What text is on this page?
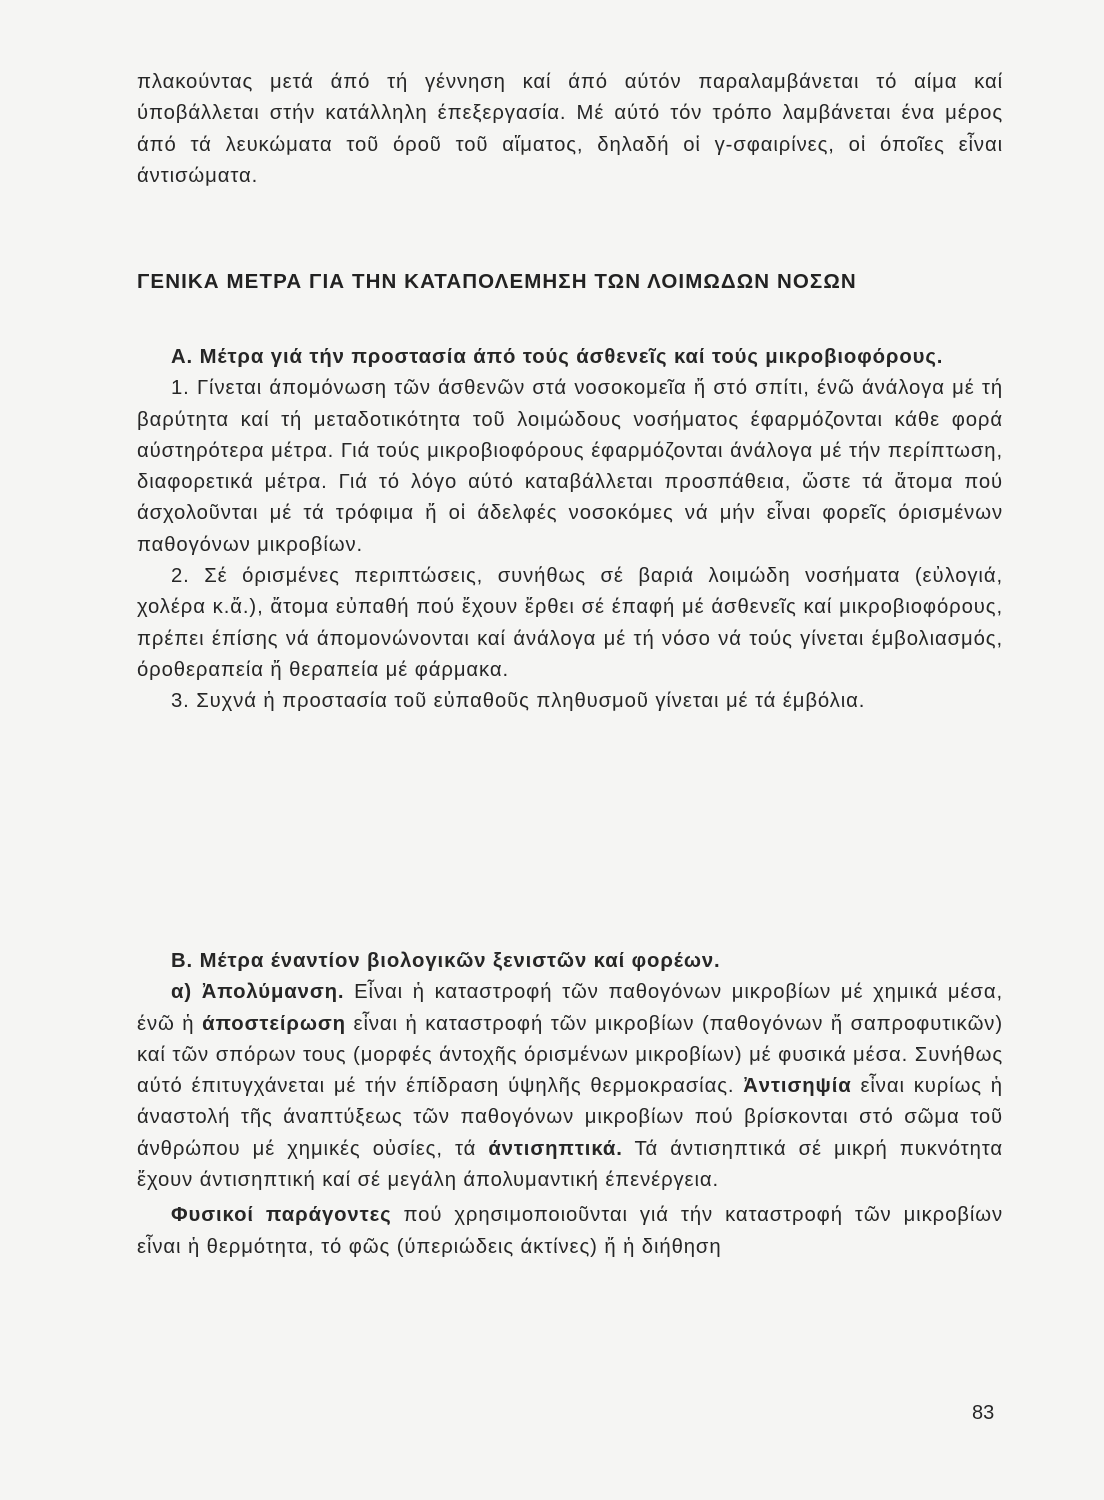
πλακούντας μετά άπό τή γέννηση καί άπό αύτόν παραλαμβάνεται τό αίμα καί ύποβάλλεται στήν κατάλληλη έπεξεργασία. Μέ αύτό τόν τρόπο λαμβάνεται ένα μέρος άπό τά λευκώματα τοῦ όροῦ τοῦ αἵματος, δηλαδή οἱ γ-σφαιρίνες, οἱ όποῖες εἶναι άντισώματα.

ΓΕΝΙΚΑ ΜΕΤΡΑ ΓΙΑ ΤΗΝ ΚΑΤΑΠΟΛΕΜΗΣΗ ΤΩΝ ΛΟΙΜΩΔΩΝ ΝΟΣΩΝ

Α. Μέτρα γιά τήν προστασία άπό τούς άσθενεῖς καί τούς μικροβιοφόρους.

1. Γίνεται άπομόνωση τῶν άσθενῶν στά νοσοκομεῖα ἤ στό σπίτι, ένῶ άνάλογα μέ τή βαρύτητα καί τή μεταδοτικότητα τοῦ λοιμώδους νοσήματος έφαρμόζονται κάθε φορά αύστηρότερα μέτρα. Γιά τούς μικροβιοφόρους έφαρμόζονται άνάλογα μέ τήν περίπτωση, διαφορετικά μέτρα. Γιά τό λόγο αύτό καταβάλλεται προσπάθεια, ὥστε τά ἄτομα πού άσχολοῦνται μέ τά τρόφιμα ἤ οἱ άδελφές νοσοκόμες νά μήν εἶναι φορεῖς όρισμένων παθογόνων μικροβίων.

2. Σέ όρισμένες περιπτώσεις, συνήθως σέ βαριά λοιμώδη νοσήματα (εὐλογιά, χολέρα κ.ἄ.), ἄτομα εὐπαθή πού ἔχουν ἔρθει σέ έπαφή μέ άσθενεῖς καί μικροβιοφόρους, πρέπει έπίσης νά άπομονώνονται καί άνάλογα μέ τή νόσο νά τούς γίνεται έμβολιασμός, όροθεραπεία ἤ θεραπεία μέ φάρμακα.

3. Συχνά ἡ προστασία τοῦ εὐπαθοῦς πληθυσμοῦ γίνεται μέ τά έμβόλια.

Β. Μέτρα έναντίον βιολογικῶν ξενιστῶν καί φορέων.

α) Ἀπολύμανση. Εἶναι ἡ καταστροφή τῶν παθογόνων μικροβίων μέ χημικά μέσα, ένῶ ἡ άποστείρωση εἶναι ἡ καταστροφή τῶν μικροβίων (παθογόνων ἤ σαπροφυτικῶν) καί τῶν σπόρων τους (μορφές άντοχῆς όρισμένων μικροβίων) μέ φυσικά μέσα. Συνήθως αύτό έπιτυγχάνεται μέ τήν έπίδραση ύψηλῆς θερμοκρασίας. Ἀντισηψία εἶναι κυρίως ἡ άναστολή τῆς άναπτύξεως τῶν παθογόνων μικροβίων πού βρίσκονται στό σῶμα τοῦ άνθρώπου μέ χημικές οὐσίες, τά άντισηπτικά. Τά άντισηπτικά σέ μικρή πυκνότητα ἔχουν άντισηπτική καί σέ μεγάλη άπολυμαντική έπενέργεια.

Φυσικοί παράγοντες πού χρησιμοποιοῦνται γιά τήν καταστροφή τῶν μικροβίων εἶναι ἡ θερμότητα, τό φῶς (ύπεριώδεις άκτίνες) ἤ ἡ διήθηση

83
